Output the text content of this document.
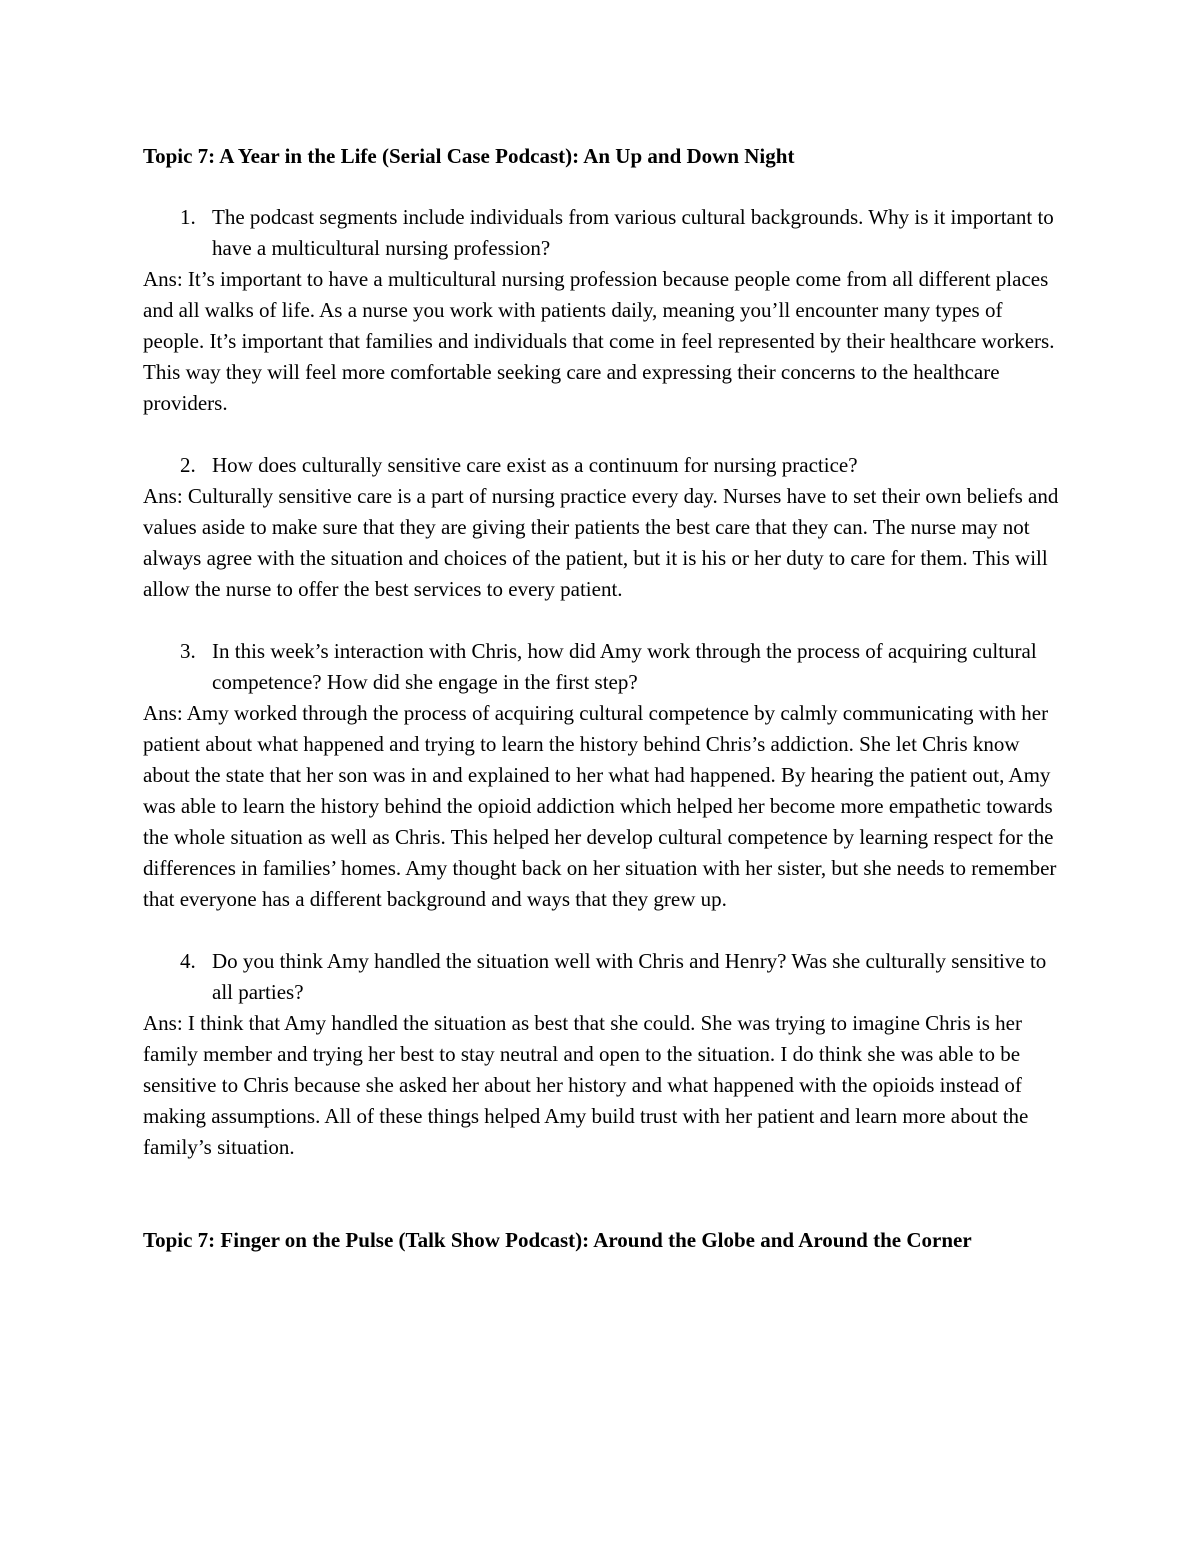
Topic 7: A Year in the Life (Serial Case Podcast): An Up and Down Night

1. The podcast segments include individuals from various cultural backgrounds. Why is it important to have a multicultural nursing profession?

Ans: It’s important to have a multicultural nursing profession because people come from all different places and all walks of life. As a nurse you work with patients daily, meaning you’ll encounter many types of people. It’s important that families and individuals that come in feel represented by their healthcare workers. This way they will feel more comfortable seeking care and expressing their concerns to the healthcare providers.

2. How does culturally sensitive care exist as a continuum for nursing practice?

Ans: Culturally sensitive care is a part of nursing practice every day. Nurses have to set their own beliefs and values aside to make sure that they are giving their patients the best care that they can. The nurse may not always agree with the situation and choices of the patient, but it is his or her duty to care for them. This will allow the nurse to offer the best services to every patient.

3. In this week’s interaction with Chris, how did Amy work through the process of acquiring cultural competence? How did she engage in the first step?

Ans: Amy worked through the process of acquiring cultural competence by calmly communicating with her patient about what happened and trying to learn the history behind Chris’s addiction. She let Chris know about the state that her son was in and explained to her what had happened. By hearing the patient out, Amy was able to learn the history behind the opioid addiction which helped her become more empathetic towards the whole situation as well as Chris. This helped her develop cultural competence by learning respect for the differences in families’ homes. Amy thought back on her situation with her sister, but she needs to remember that everyone has a different background and ways that they grew up.

4. Do you think Amy handled the situation well with Chris and Henry? Was she culturally sensitive to all parties?

Ans: I think that Amy handled the situation as best that she could. She was trying to imagine Chris is her family member and trying her best to stay neutral and open to the situation. I do think she was able to be sensitive to Chris because she asked her about her history and what happened with the opioids instead of making assumptions. All of these things helped Amy build trust with her patient and learn more about the family’s situation.

Topic 7: Finger on the Pulse (Talk Show Podcast): Around the Globe and Around the Corner
